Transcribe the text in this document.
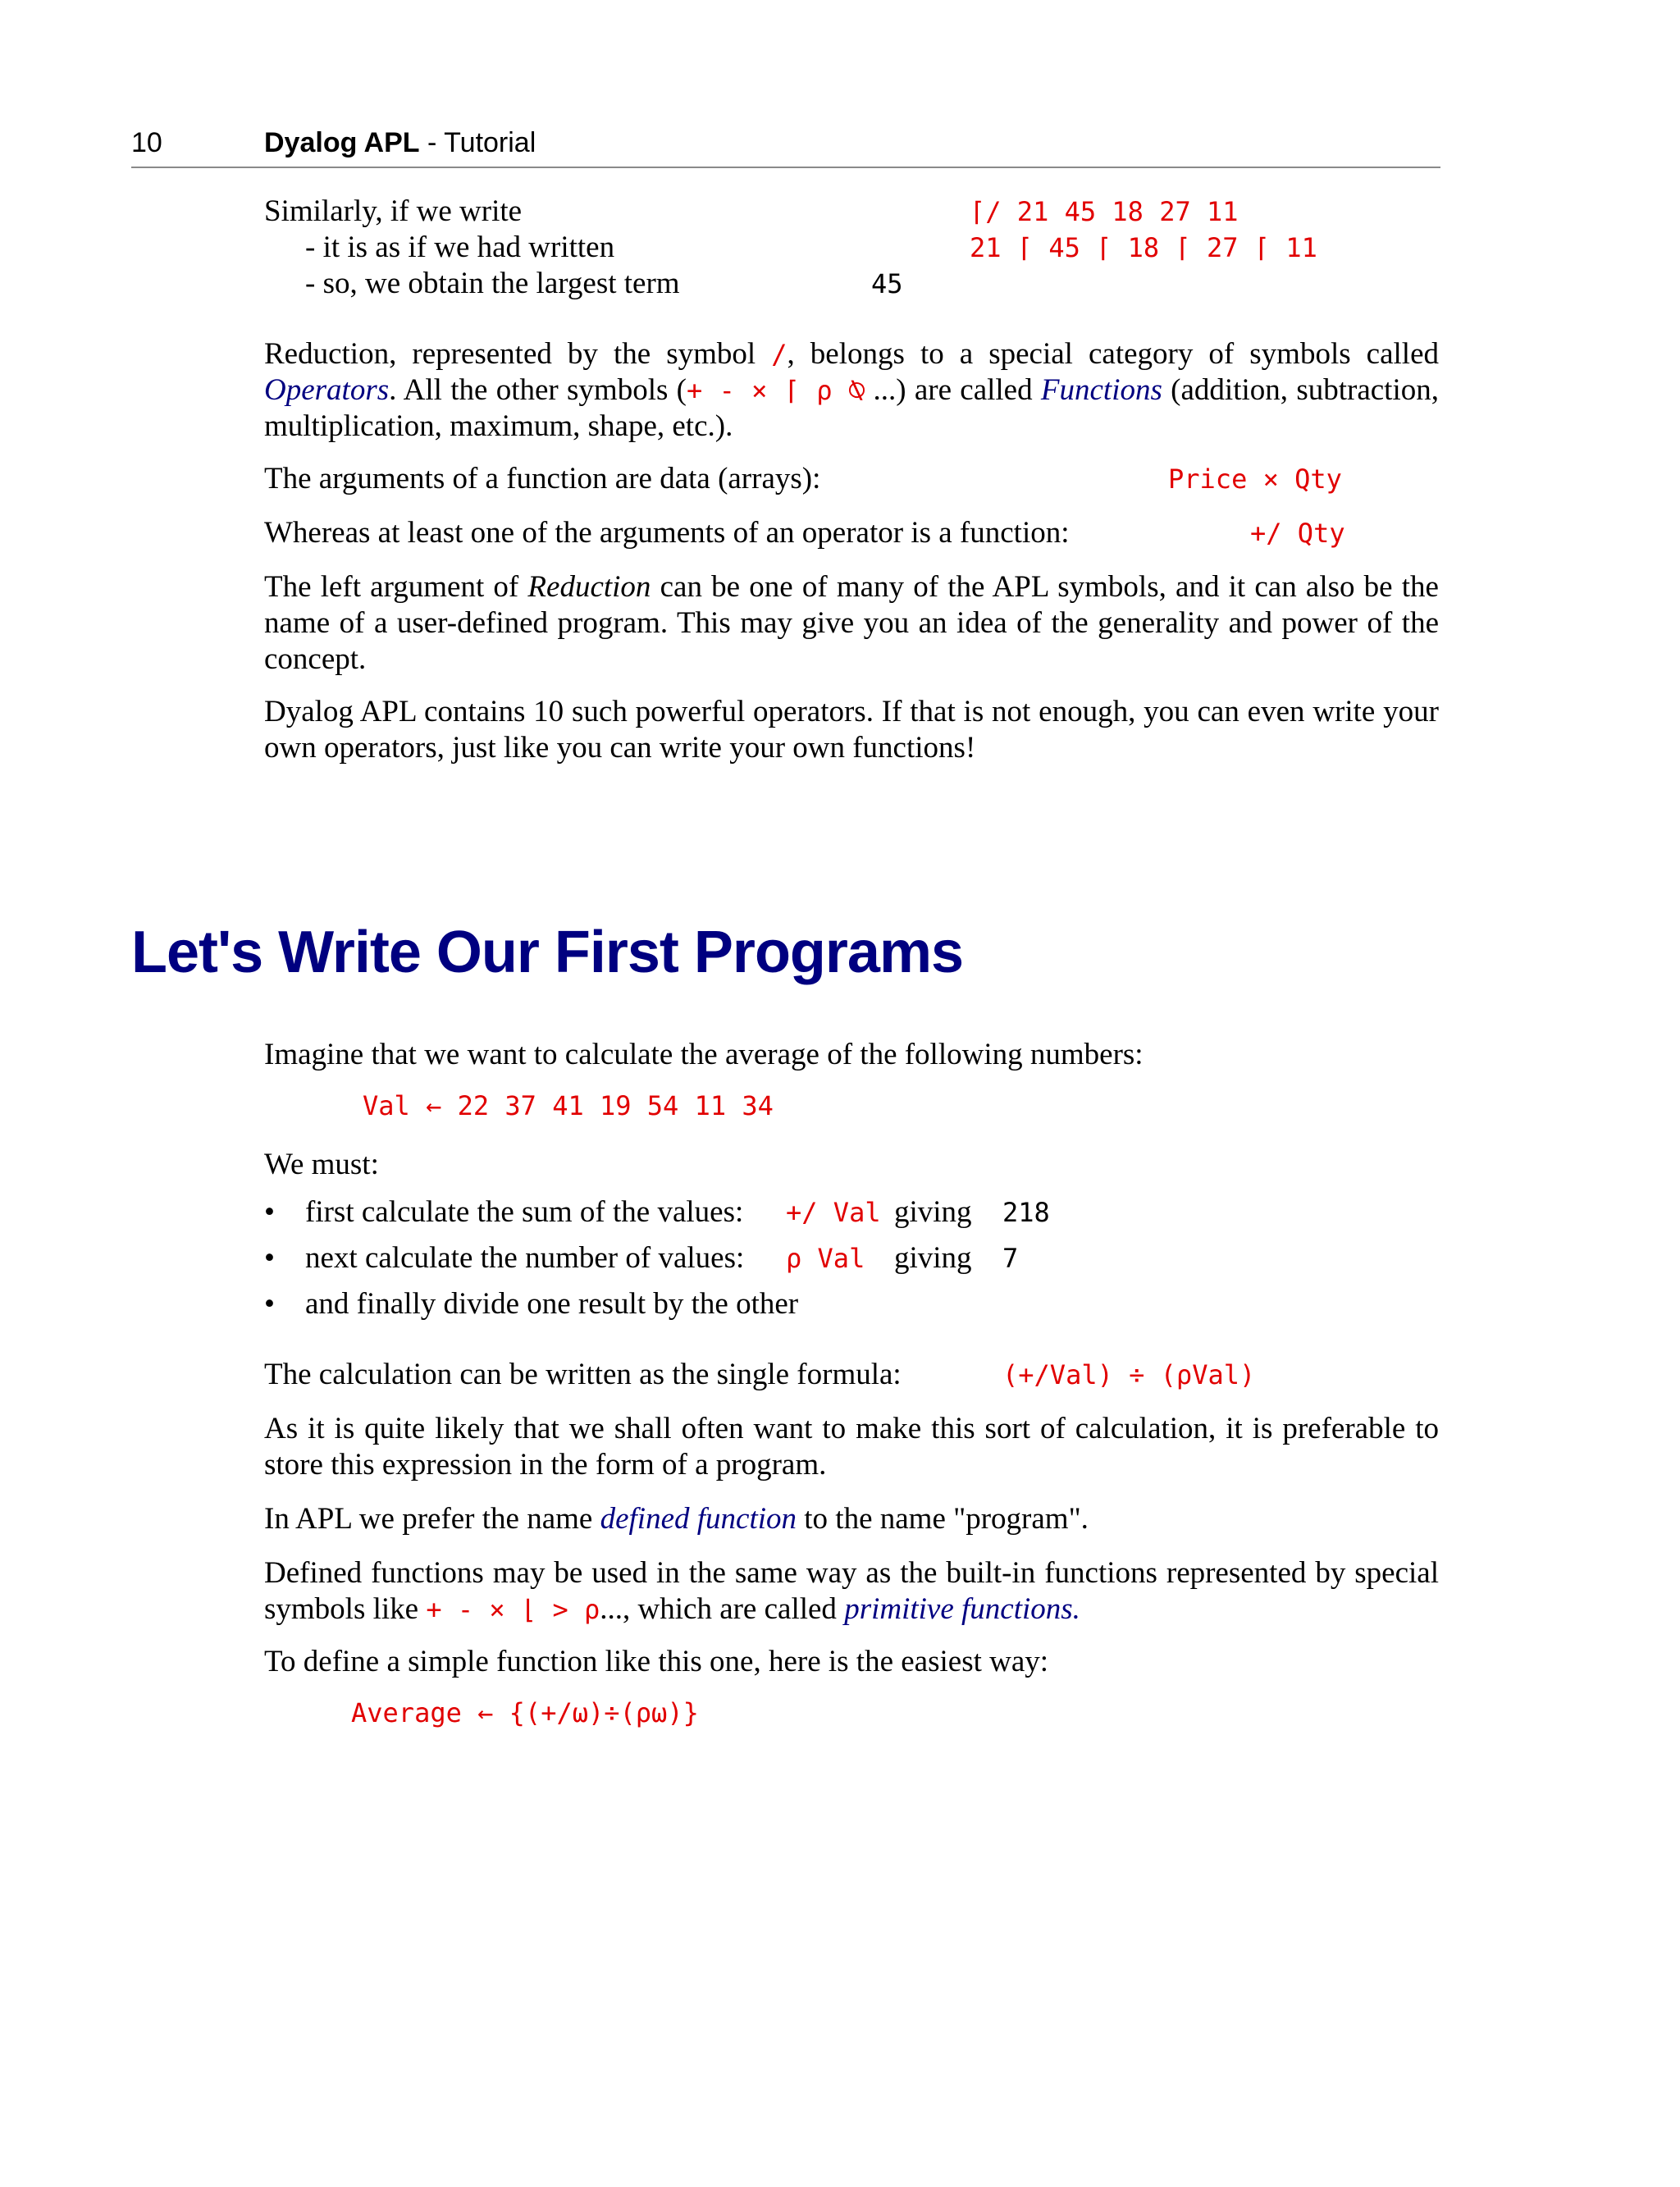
10	Dyalog APL - Tutorial
Similarly, if we write	⌈/ 21 45 18 27 11
- it is as if we had written	21 ⌈ 45 ⌈ 18 ⌈ 27 ⌈ 11
- so, we obtain the largest term	45
Reduction, represented by the symbol /, belongs to a special category of symbols called Operators. All the other symbols (+ - × ⌈ ρ ⍉ ...) are called Functions (addition, subtraction, multiplication, maximum, shape, etc.).
The arguments of a function are data (arrays):	Price × Qty
Whereas at least one of the arguments of an operator is a function:	+/ Qty
The left argument of Reduction can be one of many of the APL symbols, and it can also be the name of a user-defined program. This may give you an idea of the generality and power of the concept.
Dyalog APL contains 10 such powerful operators. If that is not enough, you can even write your own operators, just like you can write your own functions!
Let's Write Our First Programs
Imagine that we want to calculate the average of the following numbers:
Val ← 22 37 41 19 54 11 34
We must:
• first calculate the sum of the values: +/ Val giving 218
• next calculate the number of values: ρ Val giving 7
• and finally divide one result by the other
The calculation can be written as the single formula:	(+/Val) ÷ (ρVal)
As it is quite likely that we shall often want to make this sort of calculation, it is preferable to store this expression in the form of a program.
In APL we prefer the name defined function to the name "program".
Defined functions may be used in the same way as the built-in functions represented by special symbols like + - × ⌊ > ρ..., which are called primitive functions.
To define a simple function like this one, here is the easiest way:
Average ← {(+/⍵)÷(ρ⍵)}
